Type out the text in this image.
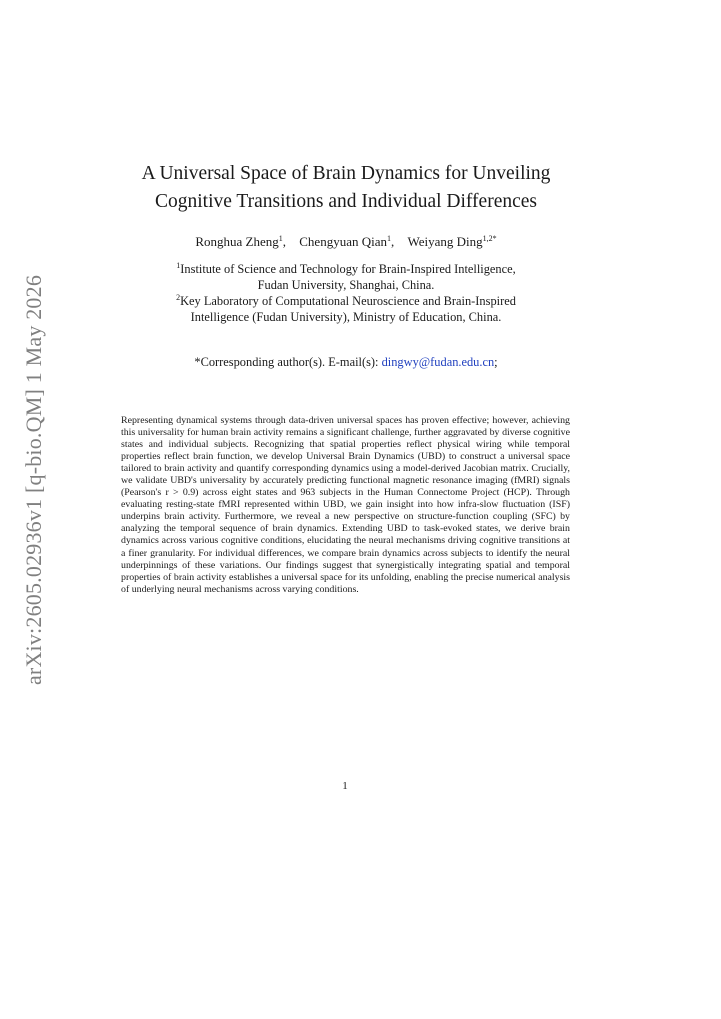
arXiv:2605.02936v1 [q-bio.QM] 1 May 2026
A Universal Space of Brain Dynamics for Unveiling
Cognitive Transitions and Individual Differences
Ronghua Zheng$^1$, Chengyuan Qian$^1$, Weiyang Ding$^{1,2*}$
$^1$Institute of Science and Technology for Brain-Inspired Intelligence,
Fudan University, Shanghai, China.
$^2$Key Laboratory of Computational Neuroscience and Brain-Inspired
Intelligence (Fudan University), Ministry of Education, China.
*Corresponding author(s). E-mail(s): dingwy@fudan.edu.cn;

Representing dynamical systems through data-driven universal spaces has proven effective; however, achieving this universality for human brain activity remains a significant challenge, further aggravated by diverse cognitive states and individual subjects. Recognizing that spatial properties reflect physical wiring while temporal properties reflect brain function, we develop Universal Brain Dynamics (UBD) to construct a universal space tailored to brain activity and quantify corresponding dynamics using a model-derived Jacobian matrix. Crucially, we validate UBD's universality by accurately predicting functional magnetic resonance imaging (fMRI) signals (Pearson's r > 0.9) across eight states and 963 subjects in the Human Connectome Project (HCP). Through evaluating resting-state fMRI represented within UBD, we gain insight into how infra-slow fluctuation (ISF) underpins brain activity. Furthermore, we reveal a new perspective on structure-function coupling (SFC) by analyzing the temporal sequence of brain dynamics. Extending UBD to task-evoked states, we derive brain dynamics across various cognitive conditions, elucidating the neural mechanisms driving cognitive transitions at a finer granularity. For individual differences, we compare brain dynamics across subjects to identify the neural underpinnings of these variations. Our findings suggest that synergistically integrating spatial and temporal properties of brain activity establishes a universal space for its unfolding, enabling the precise numerical analysis of underlying neural mechanisms across varying conditions.

1
